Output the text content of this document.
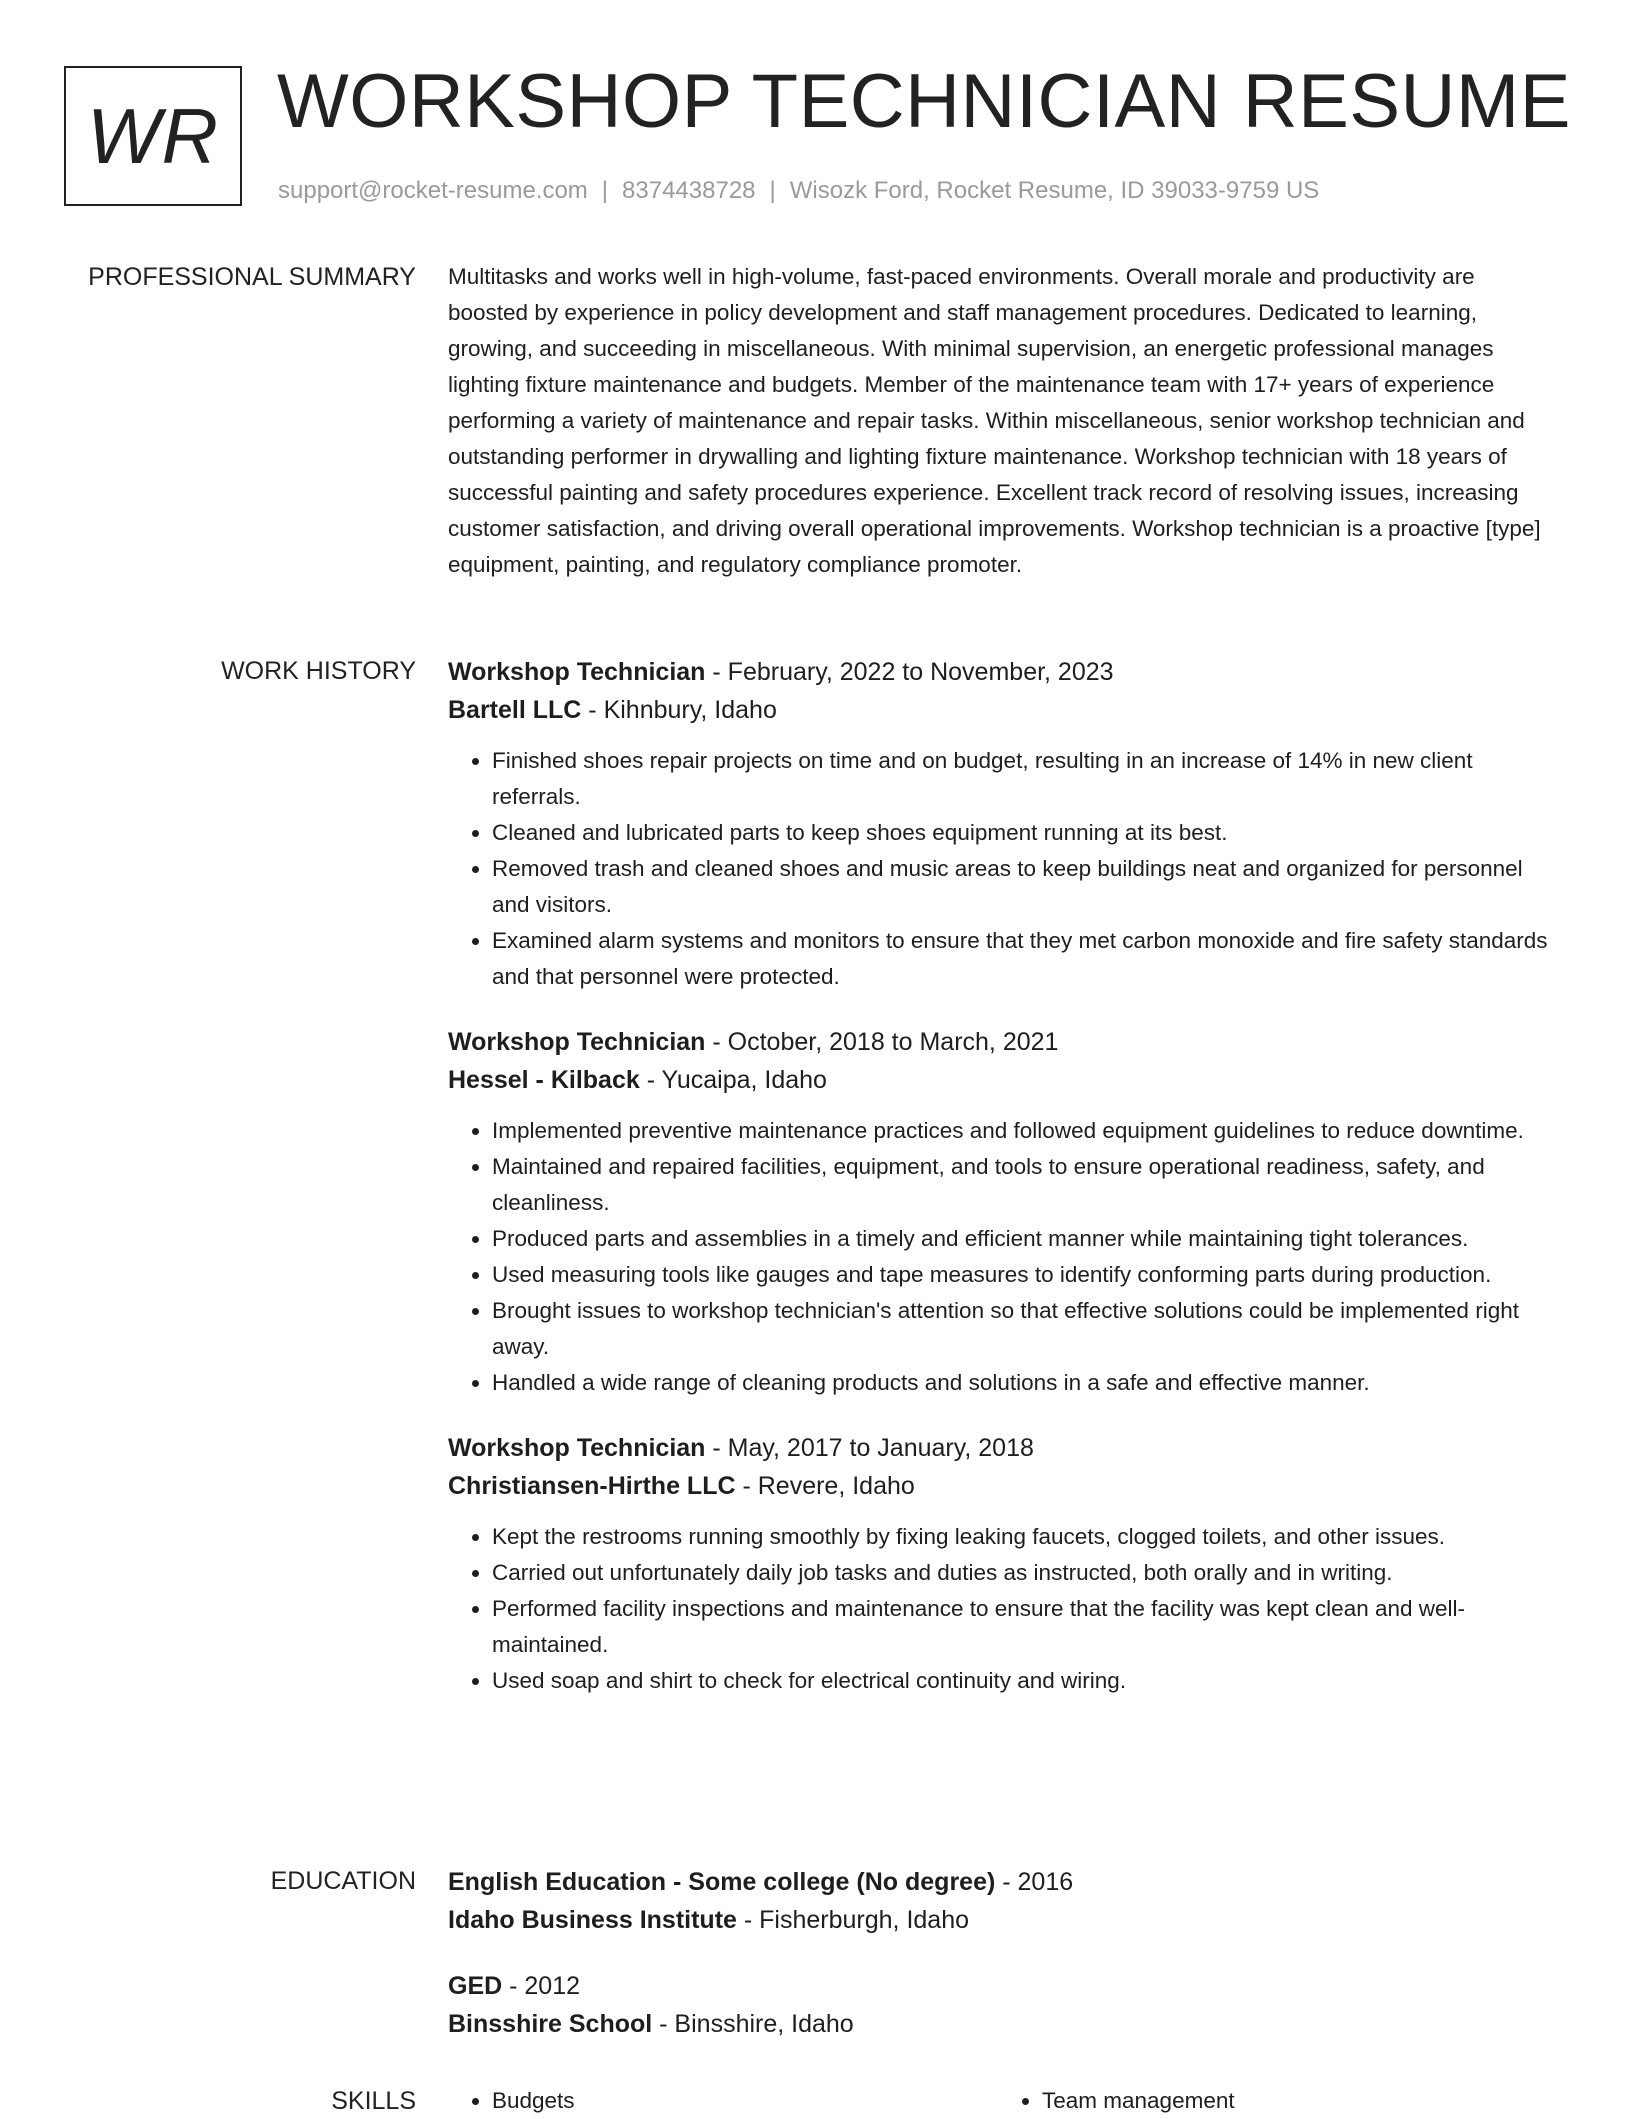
WR WORKSHOP TECHNICIAN RESUME
support@rocket-resume.com | 8374438728 | Wisozk Ford, Rocket Resume, ID 39033-9759 US
PROFESSIONAL SUMMARY Multitasks and works well in high-volume, fast-paced environments. Overall morale and productivity are boosted by experience in policy development and staff management procedures. Dedicated to learning, growing, and succeeding in miscellaneous. With minimal supervision, an energetic professional manages lighting fixture maintenance and budgets. Member of the maintenance team with 17+ years of experience performing a variety of maintenance and repair tasks. Within miscellaneous, senior workshop technician and outstanding performer in drywalling and lighting fixture maintenance. Workshop technician with 18 years of successful painting and safety procedures experience. Excellent track record of resolving issues, increasing customer satisfaction, and driving overall operational improvements. Workshop technician is a proactive [type] equipment, painting, and regulatory compliance promoter.

WORK HISTORY Workshop Technician - February, 2022 to November, 2023
Bartell LLC - Kihnbury, Idaho
• Finished shoes repair projects on time and on budget, resulting in an increase of 14% in new client referrals.
• Cleaned and lubricated parts to keep shoes equipment running at its best.
• Removed trash and cleaned shoes and music areas to keep buildings neat and organized for personnel and visitors.
• Examined alarm systems and monitors to ensure that they met carbon monoxide and fire safety standards and that personnel were protected.
Workshop Technician - October, 2018 to March, 2021
Hessel - Kilback - Yucaipa, Idaho
• Implemented preventive maintenance practices and followed equipment guidelines to reduce downtime.
• Maintained and repaired facilities, equipment, and tools to ensure operational readiness, safety, and cleanliness.
• Produced parts and assemblies in a timely and efficient manner while maintaining tight tolerances.
• Used measuring tools like gauges and tape measures to identify conforming parts during production.
• Brought issues to workshop technician's attention so that effective solutions could be implemented right away.
• Handled a wide range of cleaning products and solutions in a safe and effective manner.
Workshop Technician - May, 2017 to January, 2018
Christiansen-Hirthe LLC - Revere, Idaho
• Kept the restrooms running smoothly by fixing leaking faucets, clogged toilets, and other issues.
• Carried out unfortunately daily job tasks and duties as instructed, both orally and in writing.
• Performed facility inspections and maintenance to ensure that the facility was kept clean and well-maintained.
• Used soap and shirt to check for electrical continuity and wiring.
EDUCATION English Education - Some college (No degree) - 2016
Idaho Business Institute - Fisherburgh, Idaho
GED - 2012
Binsshire School - Binsshire, Idaho
SKILLS	• Budgets	• Team management
